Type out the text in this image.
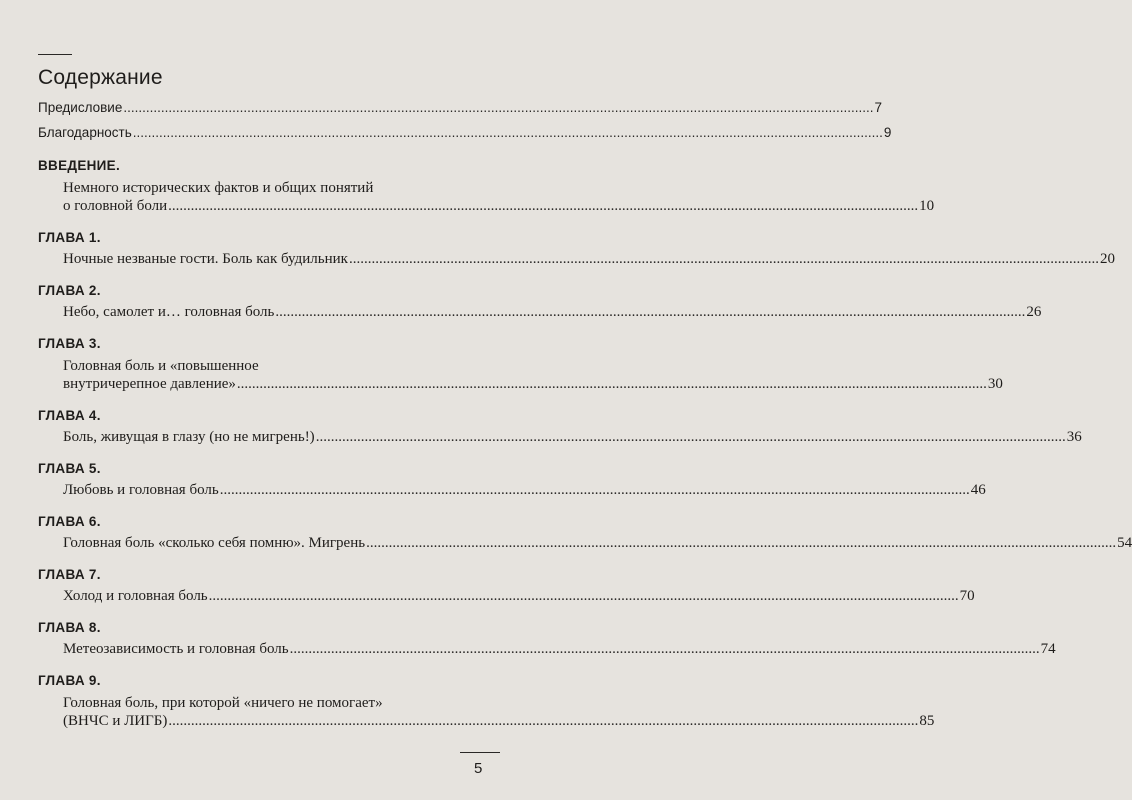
Содержание
Предисловие ........................................................................................................................................................................................................ 7
Благодарность ........................................................................................................................................................................................................ 9
ВВЕДЕНИЕ.
Немного исторических фактов и общих понятий
о головной боли ........................................................................................................................................................................................................ 10
ГЛАВА 1.
Ночные незваные гости. Боль как будильник ........................................................................................................................................................................................................ 20
ГЛАВА 2.
Небо, самолет и… головная боль ........................................................................................................................................................................................................ 26
ГЛАВА 3.
Головная боль и «повышенное
внутричерепное давление» ........................................................................................................................................................................................................ 30
ГЛАВА 4.
Боль, живущая в глазу (но не мигрень!) ........................................................................................................................................................................................................ 36
ГЛАВА 5.
Любовь и головная боль ........................................................................................................................................................................................................ 46
ГЛАВА 6.
Головная боль «сколько себя помню». Мигрень ........................................................................................................................................................................................................ 54
ГЛАВА 7.
Холод и головная боль ........................................................................................................................................................................................................ 70
ГЛАВА 8.
Метеозависимость и головная боль ........................................................................................................................................................................................................ 74
ГЛАВА 9.
Головная боль, при которой «ничего не помогает»
(ВНЧС и ЛИГБ) ........................................................................................................................................................................................................ 85
5
